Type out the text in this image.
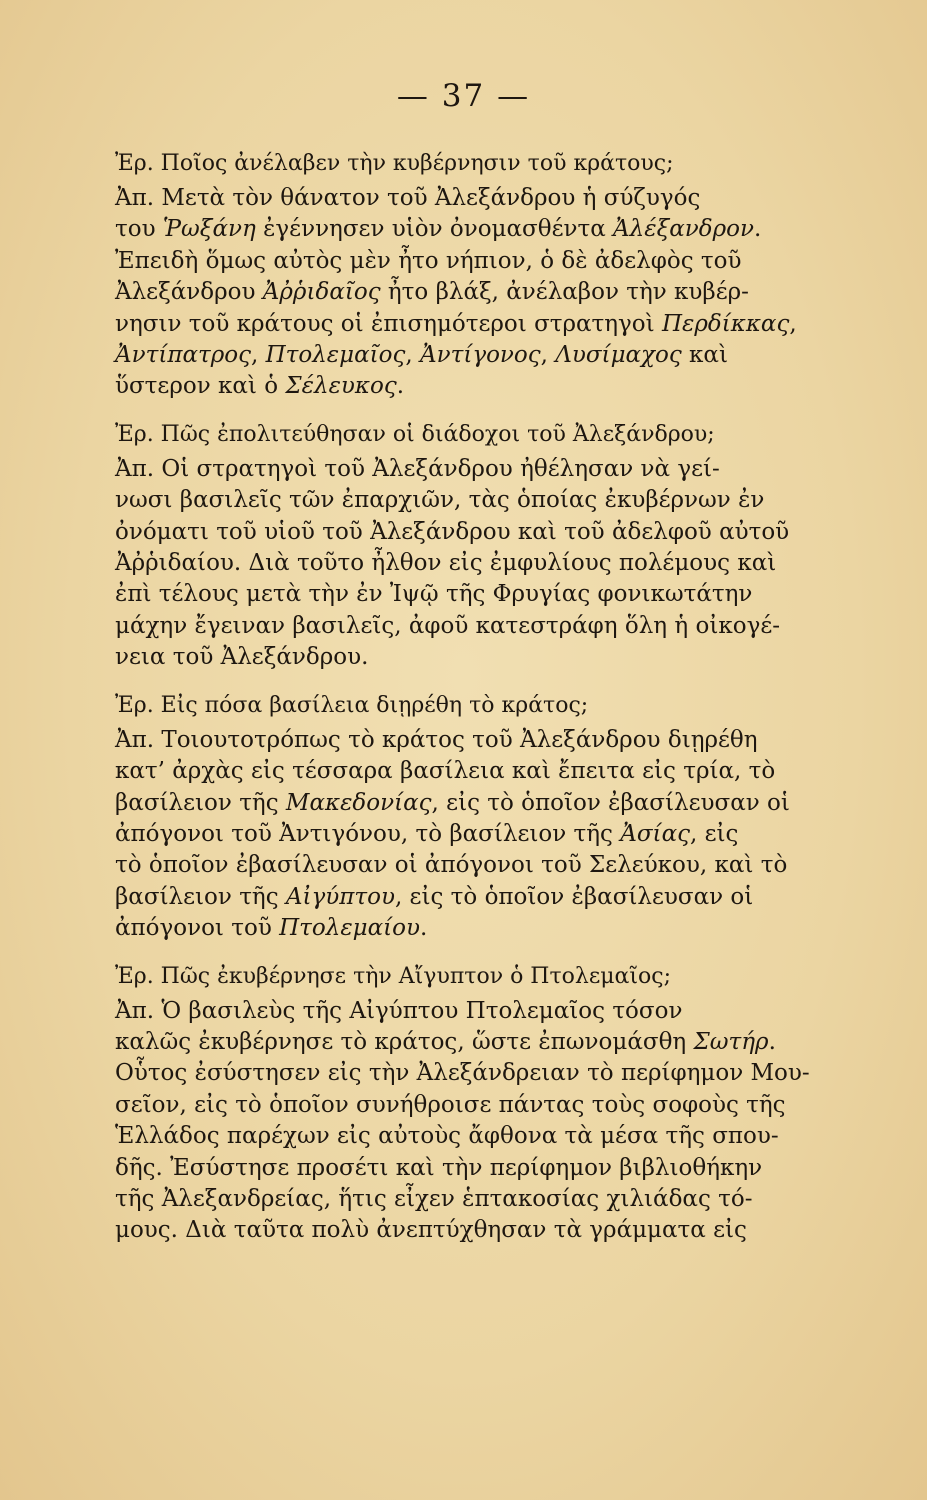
— 37 —
Ἐρ. Ποῖος ἀνέλαβεν τὴν κυβέρνησιν τοῦ κράτους;
Ἀπ. Μετὰ τὸν θάνατον τοῦ Ἀλεξάνδρου ἡ σύζυγός
του Ῥωξάνη ἐγέννησεν υἱὸν ὀνομασθέντα Ἀλέξανδρον.
Ἐπειδὴ ὅμως αὐτὸς μὲν ἦτο νήπιον, ὁ δὲ ἀδελφὸς τοῦ
Ἀλεξάνδρου Ἀῤῥιδαῖος ἦτο βλάξ, ἀνέλαβον τὴν κυβέρ-
νησιν τοῦ κράτους οἱ ἐπισημότεροι στρατηγοὶ Περδίκκας,
Ἀντίπατρος, Πτολεμαῖος, Ἀντίγονος, Λυσίμαχος καὶ
ὕστερον καὶ ὁ Σέλευκος.
Ἐρ. Πῶς ἐπολιτεύθησαν οἱ διάδοχοι τοῦ Ἀλεξάνδρου;
Ἀπ. Οἱ στρατηγοὶ τοῦ Ἀλεξάνδρου ἠθέλησαν νὰ γεί-
νωσι βασιλεῖς τῶν ἐπαρχιῶν, τὰς ὁποίας ἐκυβέρνων ἐν
ὀνόματι τοῦ υἱοῦ τοῦ Ἀλεξάνδρου καὶ τοῦ ἀδελφοῦ αὐτοῦ
Ἀῤῥιδαίου. Διὰ τοῦτο ἦλθον εἰς ἐμφυλίους πολέμους καὶ
ἐπὶ τέλους μετὰ τὴν ἐν Ἰψῷ τῆς Φρυγίας φονικωτάτην
μάχην ἔγειναν βασιλεῖς, ἀφοῦ κατεστράφη ὅλη ἡ οἰκογέ-
νεια τοῦ Ἀλεξάνδρου.
Ἐρ. Εἰς πόσα βασίλεια διῃρέθη τὸ κράτος;
Ἀπ. Τοιουτοτρόπως τὸ κράτος τοῦ Ἀλεξάνδρου διῃρέθη
κατ’ ἀρχὰς εἰς τέσσαρα βασίλεια καὶ ἔπειτα εἰς τρία, τὸ
βασίλειον τῆς Μακεδονίας, εἰς τὸ ὁποῖον ἐβασίλευσαν οἱ
ἀπόγονοι τοῦ Ἀντιγόνου, τὸ βασίλειον τῆς Ἀσίας, εἰς
τὸ ὁποῖον ἐβασίλευσαν οἱ ἀπόγονοι τοῦ Σελεύκου, καὶ τὸ
βασίλειον τῆς Αἰγύπτου, εἰς τὸ ὁποῖον ἐβασίλευσαν οἱ
ἀπόγονοι τοῦ Πτολεμαίου.
Ἐρ. Πῶς ἐκυβέρνησε τὴν Αἴγυπτον ὁ Πτολεμαῖος;
Ἀπ. Ὁ βασιλεὺς τῆς Αἰγύπτου Πτολεμαῖος τόσον
καλῶς ἐκυβέρνησε τὸ κράτος, ὥστε ἐπωνομάσθη Σωτήρ.
Οὗτος ἐσύστησεν εἰς τὴν Ἀλεξάνδρειαν τὸ περίφημον Μου-
σεῖον, εἰς τὸ ὁποῖον συνήθροισε πάντας τοὺς σοφοὺς τῆς
Ἑλλάδος παρέχων εἰς αὐτοὺς ἄφθονα τὰ μέσα τῆς σπου-
δῆς. Ἐσύστησε προσέτι καὶ τὴν περίφημον βιβλιοθήκην
τῆς Ἀλεξανδρείας, ἥτις εἶχεν ἑπτακοσίας χιλιάδας τό-
μους. Διὰ ταῦτα πολὺ ἀνεπτύχθησαν τὰ γράμματα εἰς
